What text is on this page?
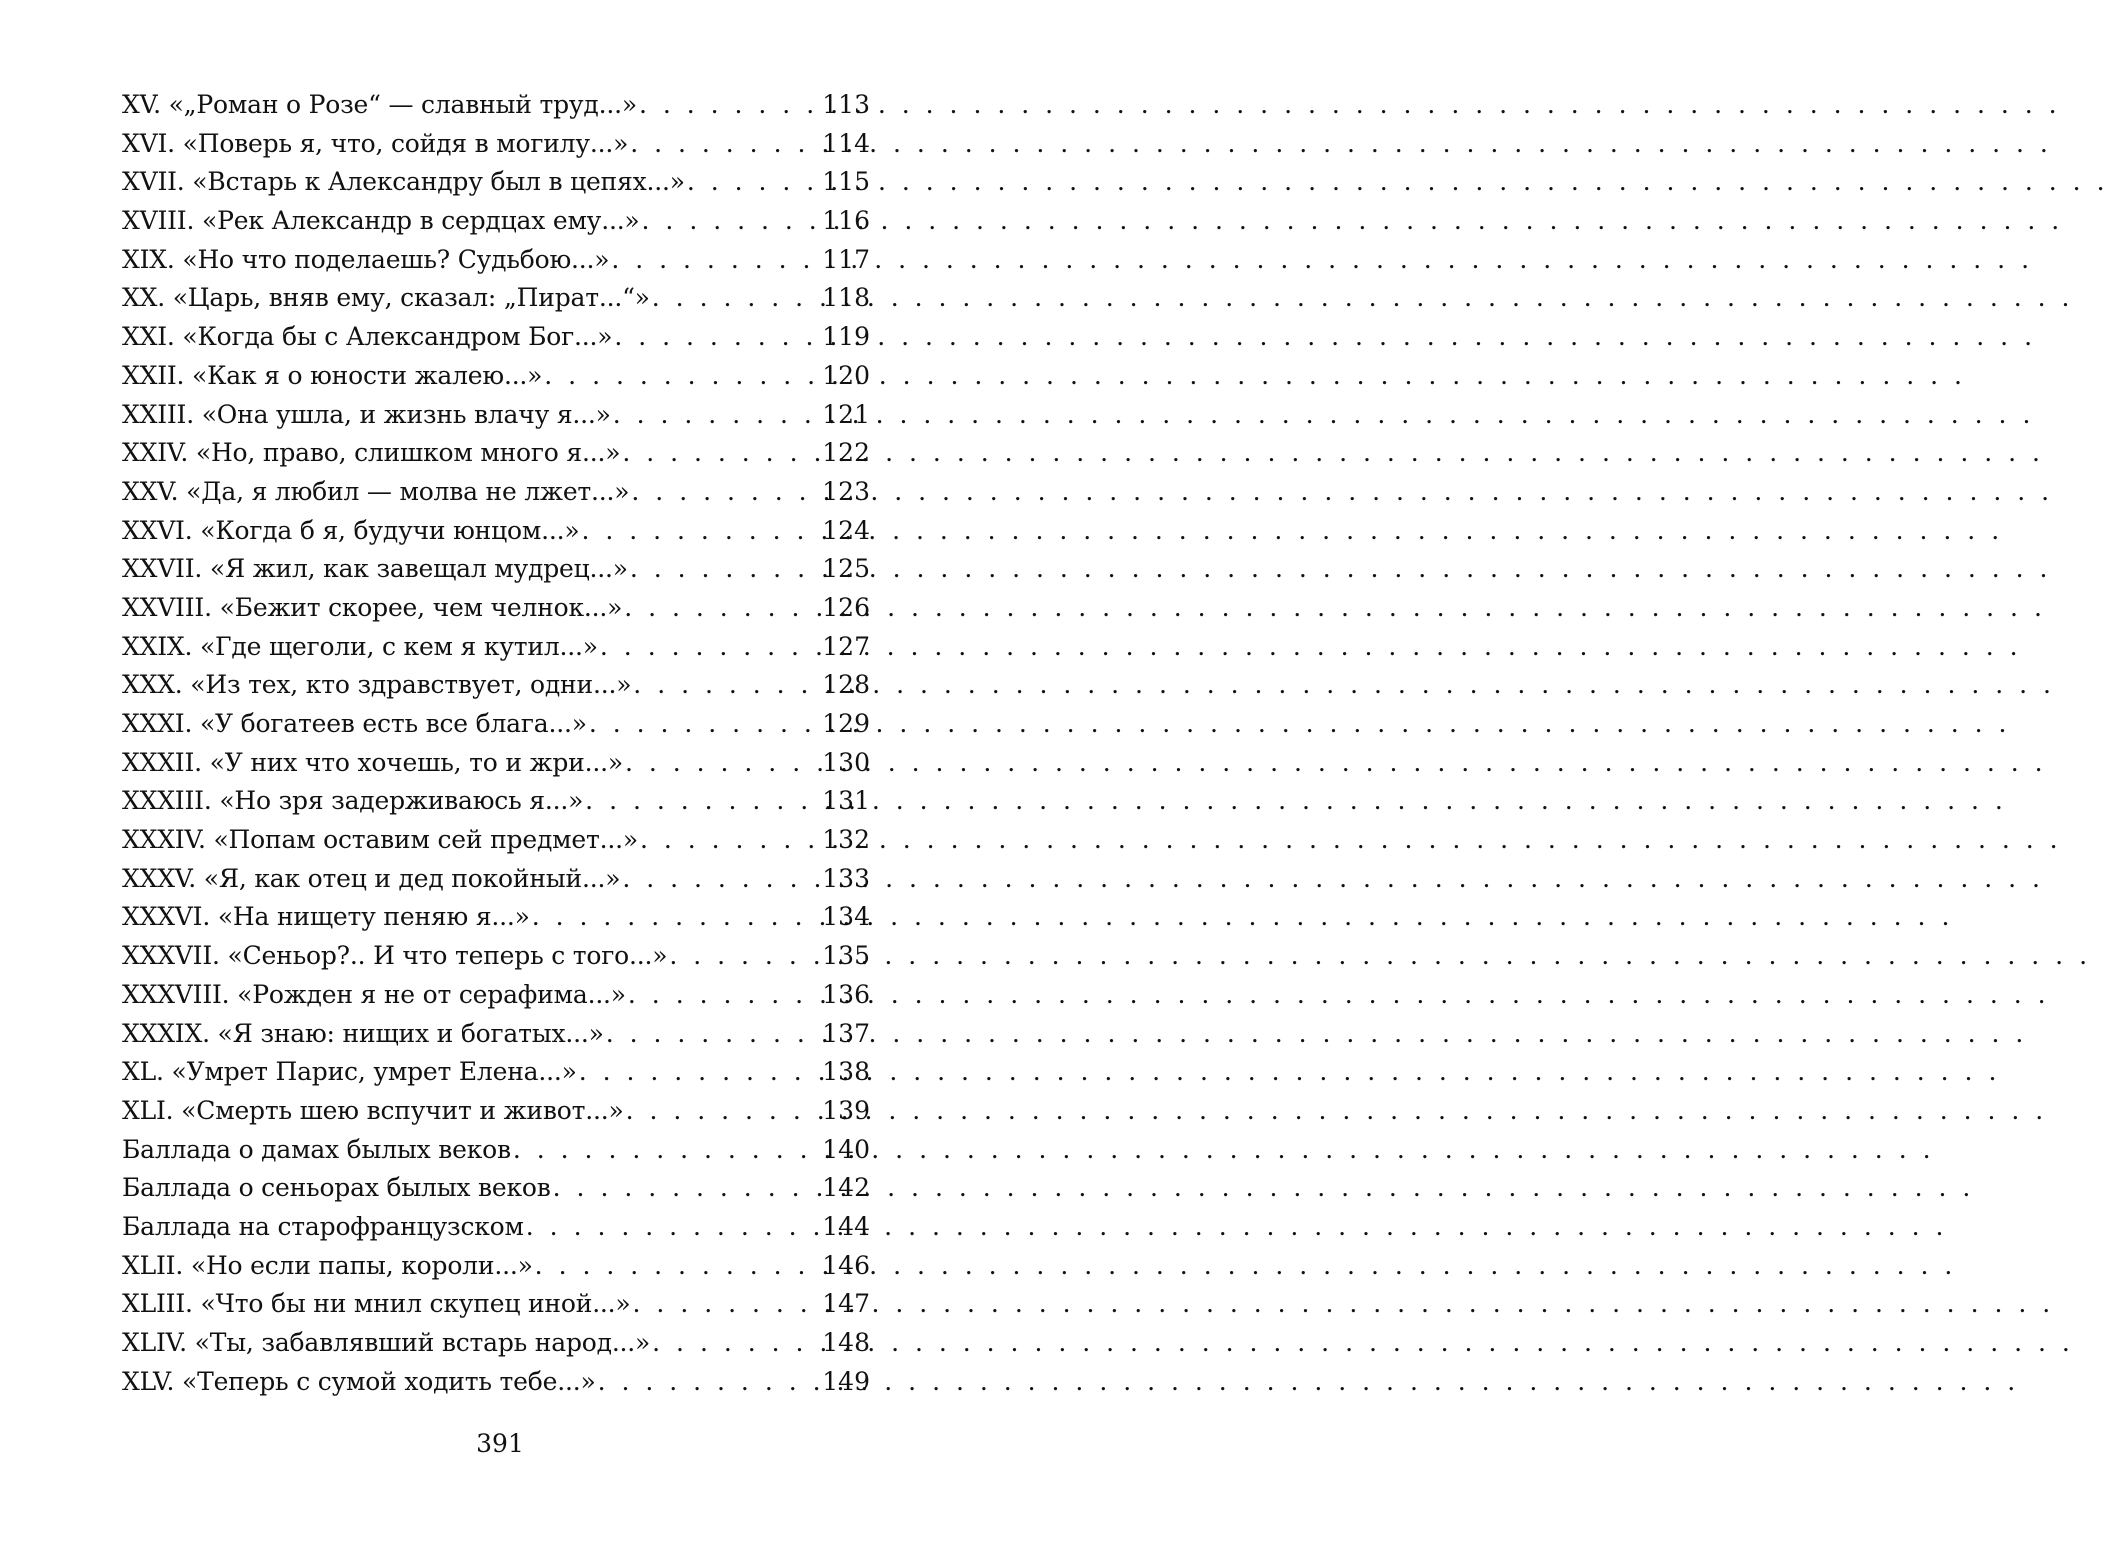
XV. «„Роман о Розе“ — славный труд...» . . .	113
XVI. «Поверь я, что, сойдя в могилу...» . . .	114
XVII. «Встарь к Александру был в цепях...» . . .	115
XVIII. «Рек Александр в сердцах ему...» . . .	116
XIX. «Но что поделаешь? Судьбою...» . . .	117
XX. «Царь, вняв ему, сказал: „Пират...“» . . .	118
XXI. «Когда бы с Александром Бог...» . . .	119
XXII. «Как я о юности жалею...» . . .	120
XXIII. «Она ушла, и жизнь влачу я...» . . .	121
XXIV. «Но, право, слишком много я...» . . .	122
XXV. «Да, я любил — молва не лжет...» . . .	123
XXVI. «Когда б я, будучи юнцом...» . . .	124
XXVII. «Я жил, как завещал мудрец...» . . .	125
XXVIII. «Бежит скорее, чем челнок...» . . .	126
XXIX. «Где щеголи, с кем я кутил...» . . .	127
XXX. «Из тех, кто здравствует, одни...» . . .	128
XXXI. «У богатеев есть все блага...» . . .	129
XXXII. «У них что хочешь, то и жри...» . . .	130
XXXIII. «Но зря задерживаюсь я...» . . .	131
XXXIV. «Попам оставим сей предмет...» . . .	132
XXXV. «Я, как отец и дед покойный...» . . .	133
XXXVI. «На нищету пеняю я...» . . .	134
XXXVII. «Сеньор?.. И что теперь с того...» . . .	135
XXXVIII. «Рожден я не от серафима...» . . .	136
XXXIX. «Я знаю: нищих и богатых...» . . .	137
XL. «Умрет Парис, умрет Елена...» . . .	138
XLI. «Смерть шею вспучит и живот...» . . .	139
Баллада о дамах былых веков . . .	140
Баллада о сеньорах былых веков . . .	142
Баллада на старофранцузском . . .	144
XLII. «Но если папы, короли...» . . .	146
XLIII. «Что бы ни мнил скупец иной...» . . .	147
XLIV. «Ты, забавлявший встарь народ...» . . .	148
XLV. «Теперь с сумой ходить тебе...» . . .	149
391
